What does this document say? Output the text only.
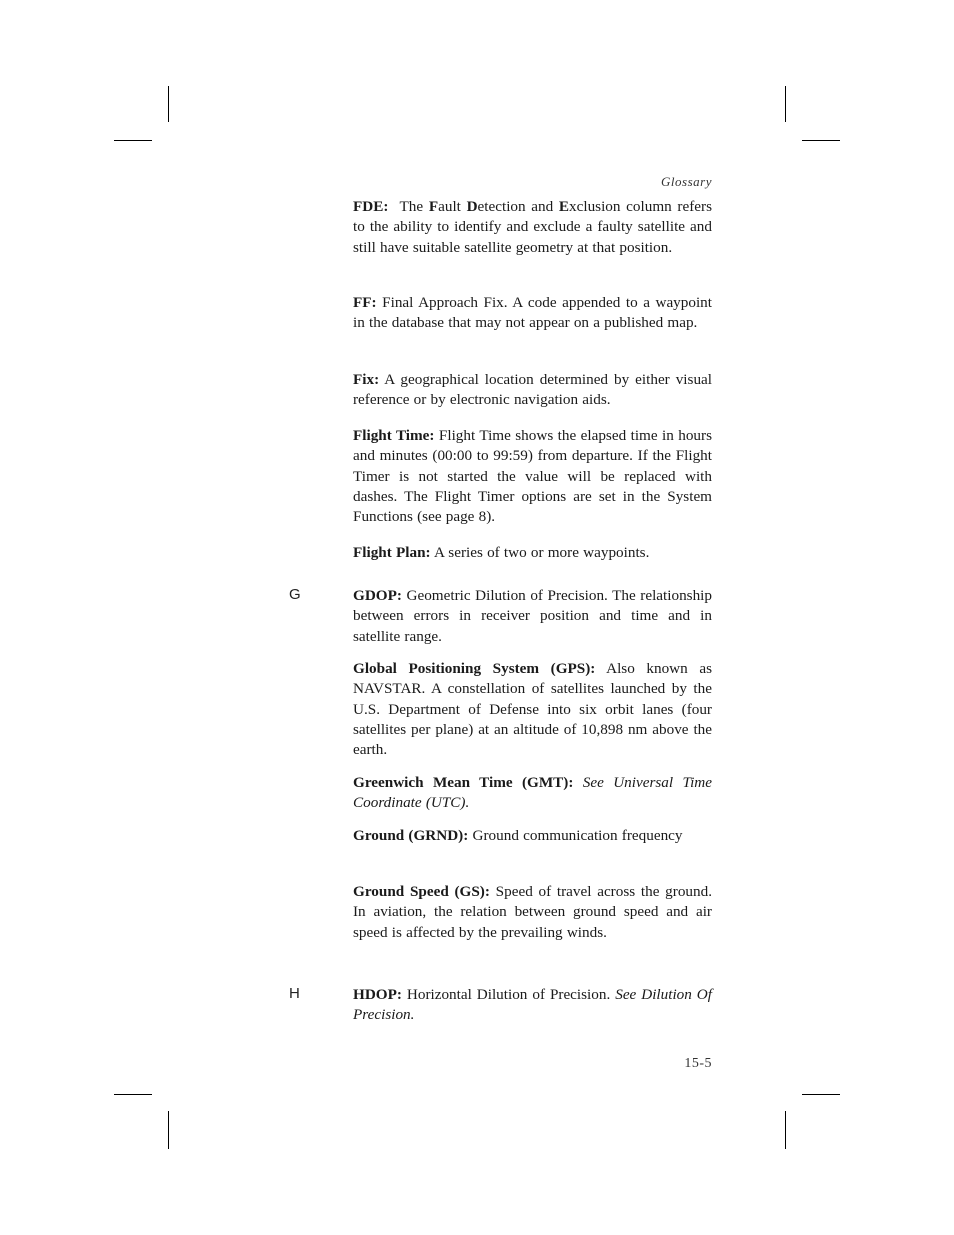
Glossary
FDE:  The Fault Detection and Exclusion column refers to the ability to identify and exclude a faulty satellite and still have suitable satellite geometry at that position.
FF: Final Approach Fix. A code appended to a waypoint in the database that may not appear on a published map.
Fix: A geographical location determined by either visual reference or by electronic navigation aids.
Flight Time: Flight Time shows the elapsed time in hours and minutes (00:00 to 99:59) from departure. If the Flight Timer is not started the value will be replaced with dashes. The Flight Timer options are set in the System Functions (see page 8).
Flight Plan: A series of two or more waypoints.
G	GDOP: Geometric Dilution of Precision. The relationship between errors in receiver position and time and in satellite range.
Global Positioning System (GPS): Also known as NAVSTAR. A constellation of satellites launched by the U.S. Department of Defense into six orbit lanes (four satellites per plane) at an altitude of 10,898 nm above the earth.
Greenwich Mean Time (GMT): See Universal Time Coordinate (UTC).
Ground (GRND): Ground communication frequency
Ground Speed (GS): Speed of travel across the ground. In aviation, the relation between ground speed and air speed is affected by the prevailing winds.
H	HDOP: Horizontal Dilution of Precision. See Dilution Of Precision.
15-5
